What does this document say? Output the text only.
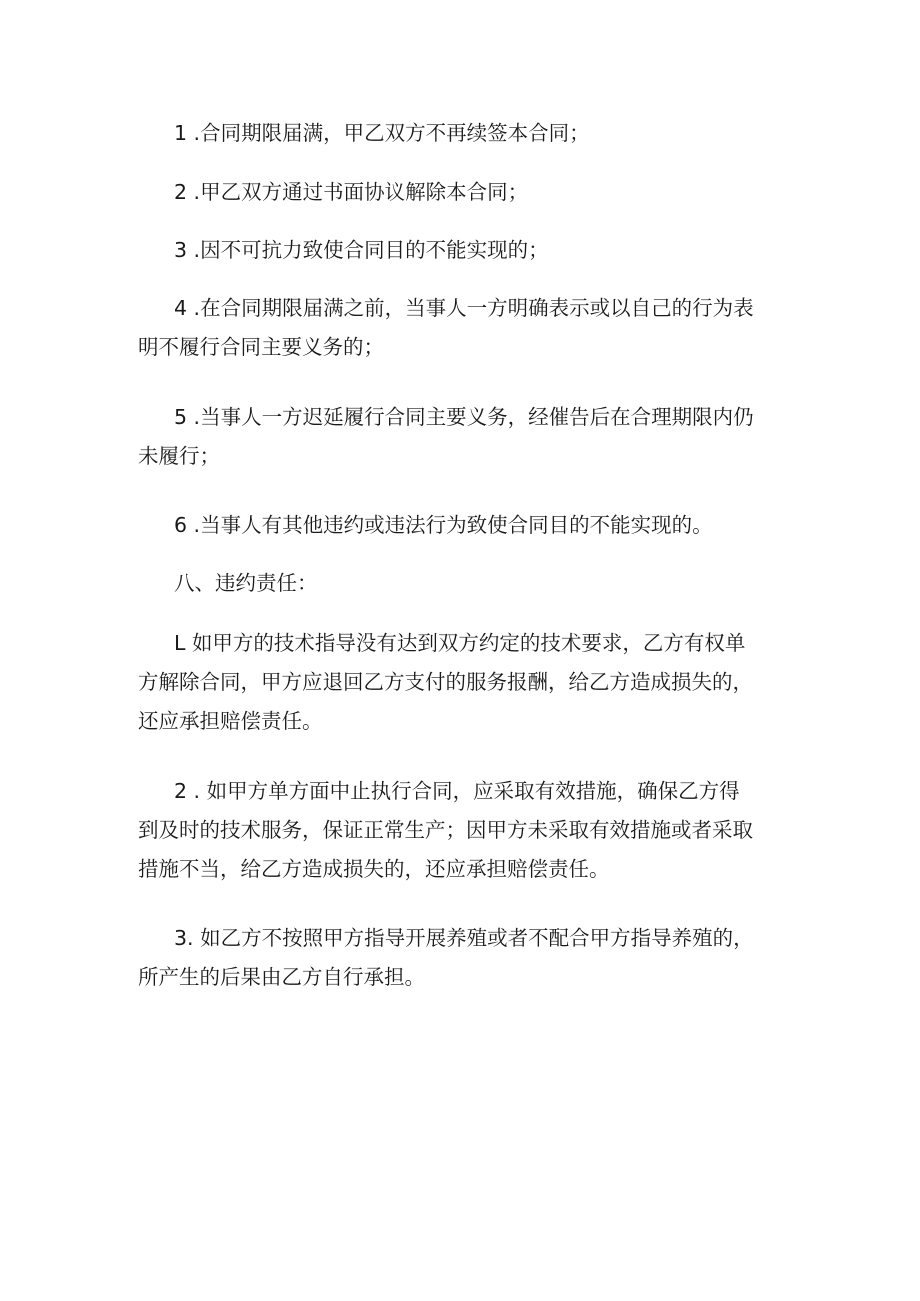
1 .合同期限届满，甲乙双方不再续签本合同；

2 .甲乙双方通过书面协议解除本合同；

3 .因不可抗力致使合同目的不能实现的；

4 .在合同期限届满之前，当事人一方明确表示或以自己的行为表
明不履行合同主要义务的；

5 .当事人一方迟延履行合同主要义务，经催告后在合理期限内仍
未履行；

6 .当事人有其他违约或违法行为致使合同目的不能实现的。

八、违约责任：

L 如甲方的技术指导没有达到双方约定的技术要求，乙方有权单
方解除合同，甲方应退回乙方支付的服务报酬，给乙方造成损失的，
还应承担赔偿责任。

2 . 如甲方单方面中止执行合同，应采取有效措施，确保乙方得
到及时的技术服务，保证正常生产；因甲方未采取有效措施或者采取
措施不当，给乙方造成损失的，还应承担赔偿责任。

3. 如乙方不按照甲方指导开展养殖或者不配合甲方指导养殖的，
所产生的后果由乙方自行承担。
